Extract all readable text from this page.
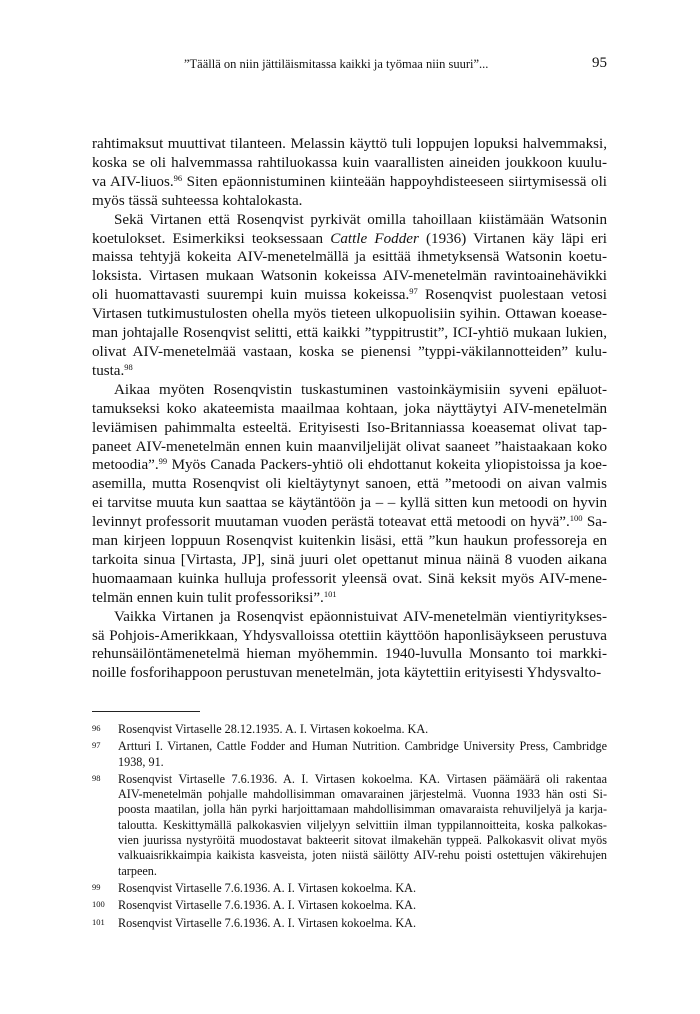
”Täällä on niin jättiläismitassa kaikki ja työmaa niin suuri”...	95

rahtimaksut muuttivat tilanteen. Melassin käyttö tuli loppujen lopuksi halvemmaksi,
koska se oli halvemmassa rahtiluokassa kuin vaarallisten aineiden joukkoon kuulu-
va AIV-liuos.$^{96}$ Siten epäonnistuminen kiinteään happoyhdisteeseen siirtymisessä oli
myös tässä suhteessa kohtalokasta.

Sekä Virtanen että Rosenqvist pyrkivät omilla tahoillaan kiistämään Watsonin
koetulokset. Esimerkiksi teoksessaan Cattle Fodder (1936) Virtanen käy läpi eri
maissa tehtyjä kokeita AIV-menetelmällä ja esittää ihmetyksensä Watsonin koetu-
loksista. Virtasen mukaan Watsonin kokeissa AIV-menetelmän ravintoainehävikki
oli huomattavasti suurempi kuin muissa kokeissa.$^{97}$ Rosenqvist puolestaan vetosi
Virtasen tutkimustulosten ohella myös tieteen ulkopuolisiin syihin. Ottawan koease-
man johtajalle Rosenqvist selitti, että kaikki ”typpitrustit”, ICI-yhtiö mukaan lukien,
olivat AIV-menetelmää vastaan, koska se pienensi ”typpi-väkilannotteiden” kulu-
tusta.$^{98}$

Aikaa myöten Rosenqvistin tuskastuminen vastoinkäymisiin syveni epäluot-
tamukseksi koko akateemista maailmaa kohtaan, joka näyttäytyi AIV-menetelmän
leviämisen pahimmalta esteeltä. Erityisesti Iso-Britanniassa koeasemat olivat tap-
paneet AIV-menetelmän ennen kuin maanviljelijät olivat saaneet ”haistaakaan koko
metoodia”.$^{99}$ Myös Canada Packers-yhtiö oli ehdottanut kokeita yliopistoissa ja koe-
asemilla, mutta Rosenqvist oli kieltäytynyt sanoen, että ”metoodi on aivan valmis
ei tarvitse muuta kun saattaa se käytäntöön ja – – kyllä sitten kun metoodi on hyvin
levinnyt professorit muutaman vuoden perästä toteavat että metoodi on hyvä”.$^{100}$ Sa-
man kirjeen loppuun Rosenqvist kuitenkin lisäsi, että ”kun haukun professoreja en
tarkoita sinua [Virtasta, JP], sinä juuri olet opettanut minua näinä 8 vuoden aikana
huomaamaan kuinka hulluja professorit yleensä ovat. Sinä keksit myös AIV-mene-
telmän ennen kuin tulit professoriksi”.$^{101}$

Vaikka Virtanen ja Rosenqvist epäonnistuivat AIV-menetelmän vientiyritykses-
sä Pohjois-Amerikkaan, Yhdysvalloissa otettiin käyttöön haponlisäykseen perustuva
rehunsäilöntämenetelmä hieman myöhemmin. 1940-luvulla Monsanto toi markki-
noille fosforihappoon perustuvan menetelmän, jota käytettiin erityisesti Yhdysvalto-

96 Rosenqvist Virtaselle 28.12.1935. A. I. Virtasen kokoelma. KA.
97 Artturi I. Virtanen, Cattle Fodder and Human Nutrition. Cambridge University Press, Cambridge
1938, 91.
98 Rosenqvist Virtaselle 7.6.1936. A. I. Virtasen kokoelma. KA. Virtasen päämäärä oli rakentaa
AIV-menetelmän pohjalle mahdollisimman omavarainen järjestelmä. Vuonna 1933 hän osti Si-
poosta maatilan, jolla hän pyrki harjoittamaan mahdollisimman omavaraista rehuviljelyä ja karja-
taloutta. Keskittymällä palkokasvien viljelyyn selvittiin ilman typpilannoitteita, koska palkokas-
vien juurissa nystyröitä muodostavat bakteerit sitovat ilmakehän typpeä. Palkokasvit olivat myös
valkuaisrikkaimpia kaikista kasveista, joten niistä säilötty AIV-rehu poisti ostettujen väkirehujen
tarpeen.
99 Rosenqvist Virtaselle 7.6.1936. A. I. Virtasen kokoelma. KA.
100 Rosenqvist Virtaselle 7.6.1936. A. I. Virtasen kokoelma. KA.
101 Rosenqvist Virtaselle 7.6.1936. A. I. Virtasen kokoelma. KA.
